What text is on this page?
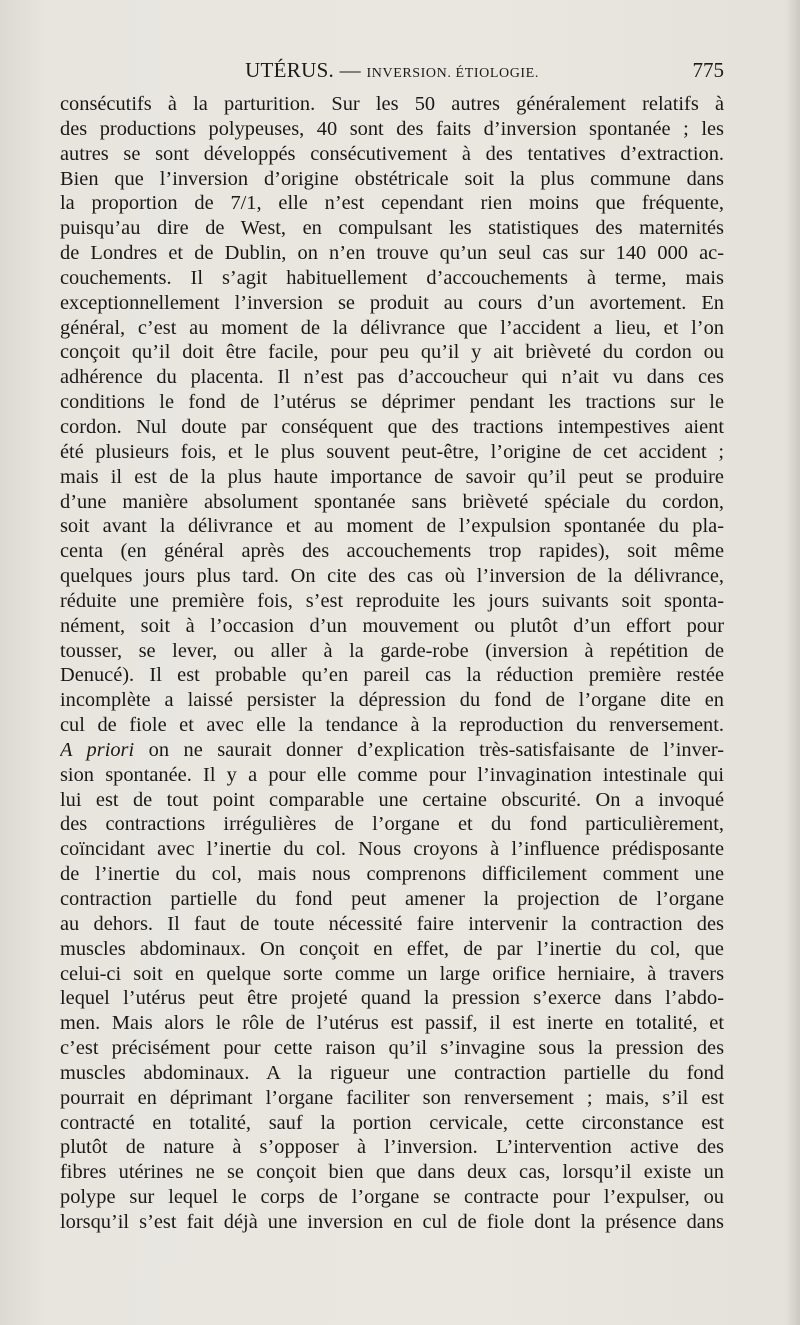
UTÉRUS. — INVERSION. ÉTIOLOGIE.	775
consécutifs à la parturition. Sur les 50 autres généralement relatifs à
des productions polypeuses, 40 sont des faits d’inversion spontanée ; les
autres se sont développés consécutivement à des tentatives d’extraction.
Bien que l’inversion d’origine obstétricale soit la plus commune dans
la proportion de 7/1, elle n’est cependant rien moins que fréquente,
puisqu’au dire de West, en compulsant les statistiques des maternités
de Londres et de Dublin, on n’en trouve qu’un seul cas sur 140 000 ac-
couchements. Il s’agit habituellement d’accouchements à terme, mais
exceptionnellement l’inversion se produit au cours d’un avortement. En
général, c’est au moment de la délivrance que l’accident a lieu, et l’on
conçoit qu’il doit être facile, pour peu qu’il y ait brièveté du cordon ou
adhérence du placenta. Il n’est pas d’accoucheur qui n’ait vu dans ces
conditions le fond de l’utérus se déprimer pendant les tractions sur le
cordon. Nul doute par conséquent que des tractions intempestives aient
été plusieurs fois, et le plus souvent peut-être, l’origine de cet accident ;
mais il est de la plus haute importance de savoir qu’il peut se produire
d’une manière absolument spontanée sans brièveté spéciale du cordon,
soit avant la délivrance et au moment de l’expulsion spontanée du pla-
centa (en général après des accouchements trop rapides), soit même
quelques jours plus tard. On cite des cas où l’inversion de la délivrance,
réduite une première fois, s’est reproduite les jours suivants soit sponta-
nément, soit à l’occasion d’un mouvement ou plutôt d’un effort pour
tousser, se lever, ou aller à la garde-robe (inversion à repétition de
Denucé). Il est probable qu’en pareil cas la réduction première restée
incomplète a laissé persister la dépression du fond de l’organe dite en
cul de fiole et avec elle la tendance à la reproduction du renversement.
A priori on ne saurait donner d’explication très-satisfaisante de l’inver-
sion spontanée. Il y a pour elle comme pour l’invagination intestinale qui
lui est de tout point comparable une certaine obscurité. On a invoqué
des contractions irrégulières de l’organe et du fond particulièrement,
coïncidant avec l’inertie du col. Nous croyons à l’influence prédisposante
de l’inertie du col, mais nous comprenons difficilement comment une
contraction partielle du fond peut amener la projection de l’organe
au dehors. Il faut de toute nécessité faire intervenir la contraction des
muscles abdominaux. On conçoit en effet, de par l’inertie du col, que
celui-ci soit en quelque sorte comme un large orifice herniaire, à travers
lequel l’utérus peut être projeté quand la pression s’exerce dans l’abdo-
men. Mais alors le rôle de l’utérus est passif, il est inerte en totalité, et
c’est précisément pour cette raison qu’il s’invagine sous la pression des
muscles abdominaux. A la rigueur une contraction partielle du fond
pourrait en déprimant l’organe faciliter son renversement ; mais, s’il est
contracté en totalité, sauf la portion cervicale, cette circonstance est
plutôt de nature à s’opposer à l’inversion. L’intervention active des
fibres utérines ne se conçoit bien que dans deux cas, lorsqu’il existe un
polype sur lequel le corps de l’organe se contracte pour l’expulser, ou
lorsqu’il s’est fait déjà une inversion en cul de fiole dont la présence dans
